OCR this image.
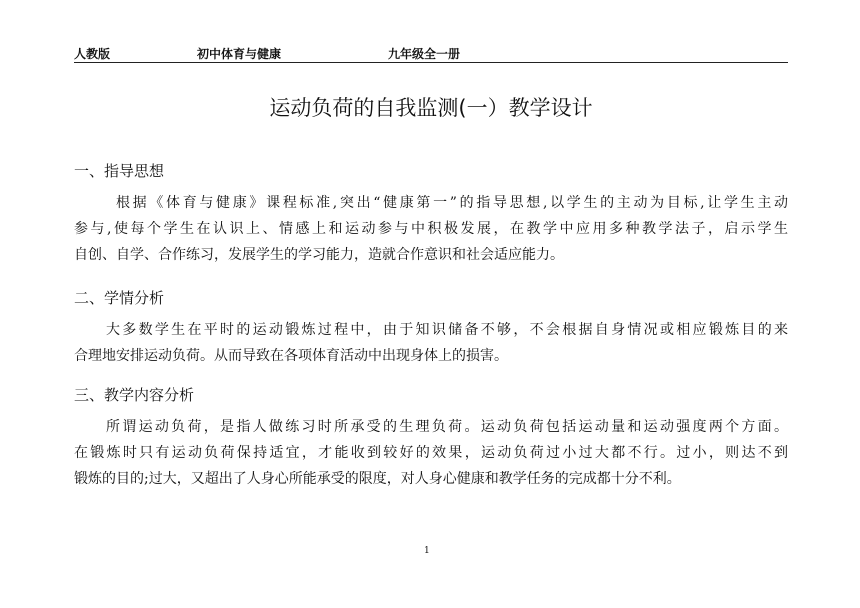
人教版	初中体育与健康	九年级全一册
运动负荷的自我监测(一）教学设计
一、指导思想

根据《体育与健康》课程标准,突出“健康第一”的指导思想,以学生的主动为目标,让学生主动
参与,使每个学生在认识上、情感上和运动参与中积极发展，在教学中应用多种教学法子，启示学生
自创、自学、合作练习，发展学生的学习能力，造就合作意识和社会适应能力。

二、学情分析

大多数学生在平时的运动锻炼过程中，由于知识储备不够，不会根据自身情况或相应锻炼目的来
合理地安排运动负荷。从而导致在各项体育活动中出现身体上的损害。

三、教学内容分析

所谓运动负荷，是指人做练习时所承受的生理负荷。运动负荷包括运动量和运动强度两个方面。
在锻炼时只有运动负荷保持适宜，才能收到较好的效果，运动负荷过小过大都不行。过小，则达不到
锻炼的目的;过大，又超出了人身心所能承受的限度，对人身心健康和教学任务的完成都十分不利。

1
